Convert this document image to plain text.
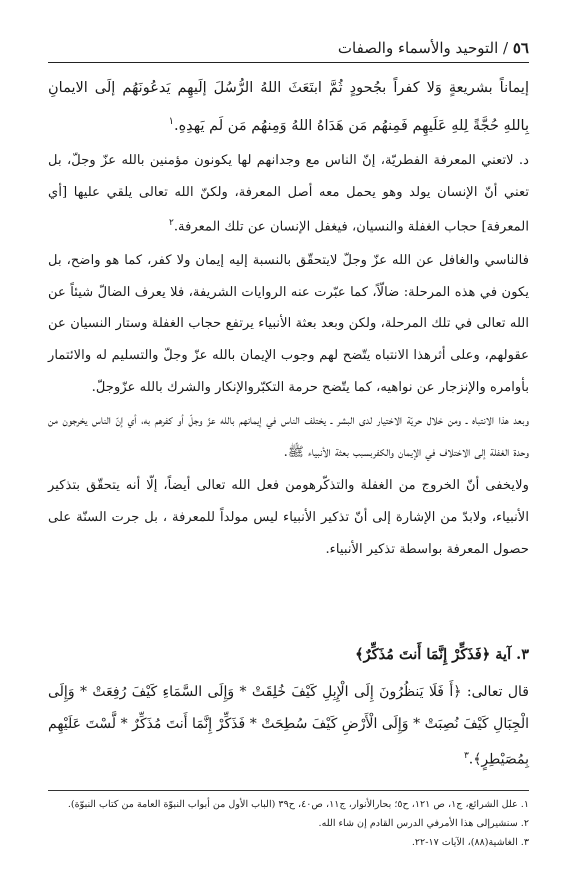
٥٦ / التوحيد والأسماء والصفات
إيماناً بشريعةٍ وَلا كفراً بجُحودٍ ثُمَّ ابتَعَثَ اللهُ الرُّسُلَ إلَيهِم يَدعُونَهُم إلَى الايمانِ بِاللهِ حُجَّةً لِلهِ عَلَيهِم فَمِنهُم مَن هَدَاهُ اللهُ وَمِنهُم مَن لَم يَهدِهِ.$^١$

د. لاتعني المعرفة الفطريّة، إنّ الناس مع وجدانهم لها يكونون مؤمنين بالله عزّ وجلّ، بل تعني أنّ الإنسان يولد وهو يحمل معه أصل المعرفة، ولكنّ الله تعالى يلقي عليها [أي المعرفة] حجاب الغفلة والنسيان، فيغفل الإنسان عن تلك المعرفة.$^٢$

فالناسي والغافل عن الله عزّ وجلّ لايتحقّق بالنسبة إليه إيمان ولا كفر، كما هو واضح، بل يكون في هذه المرحلة: ضالّاً، كما عبّرت عنه الروايات الشريفة، فلا يعرف الضالّ شيئاً عن الله تعالى في تلك المرحلة، ولكن وبعد بعثة الأنبياء يرتفع حجاب الغفلة وستار النسيان عن عقولهم، وعلى أثرهذا الانتباه يتّضح لهم وجوب الإيمان بالله عزّ وجلّ والتسليم له والائتمار بأوامره والإنزجار عن نواهيه، كما يتّضح حرمة التكبّروالإنكار والشرك بالله عزّوجلّ.

وبعد هذا الانتباه ـ ومن خلال حريّة الاختيار لدى البشر ـ يختلف الناس في إيمانهم بالله عزّ وجلّ أو كفرهم به، أي إنّ الناس يخرجون من وحدة الغفلة إلى الاختلاف في الإيمان والكفربسبب بعثة الأنبياء ﷺ.

ولايخفى أنّ الخروج من الغفلة والتذكّرهومن فعل الله تعالى أيضاً، إلّا أنه يتحقّق بتذكير الأنبياء، ولابدّ من الإشارة إلى أنّ تذكير الأنبياء ليس مولداً للمعرفة ، بل جرت السنّة على حصول المعرفة بواسطة تذكير الأنبياء.

٣. آية ﴿فَذَكِّرْ إِنَّمَا أَنتَ مُذَكِّرٌ﴾
قال تعالى: ﴿أَ فَلَا يَنظُرُونَ إِلَى الْإِبِلِ كَيْفَ خُلِقَتْ * وَإِلَى السَّمَاءِ كَيْفَ رُفِعَتْ * وَإِلَى الْجِبَالِ كَيْفَ نُصِبَتْ * وَإِلَى الْأَرْضِ كَيْفَ سُطِحَتْ * فَذَكِّرْ إِنَّمَا أَنتَ مُذَكِّرٌ * لَّسْتَ عَلَيْهِم بِمُصَيْطِرٍ﴾.$^٣$
١. علل الشرائع، ج١، ص ١٢١، ح٥؛ بحارالأنوار، ج١١، ص٤٠، ح٣٩ (الباب الأول من أبواب النبوّة العامة من كتاب النبوّة).
٢. سنشيرإلى هذا الأمرفي الدرس القادم إن شاء الله.
٣. الغاشية(٨٨)، الآيات ١٧-٢٢.
